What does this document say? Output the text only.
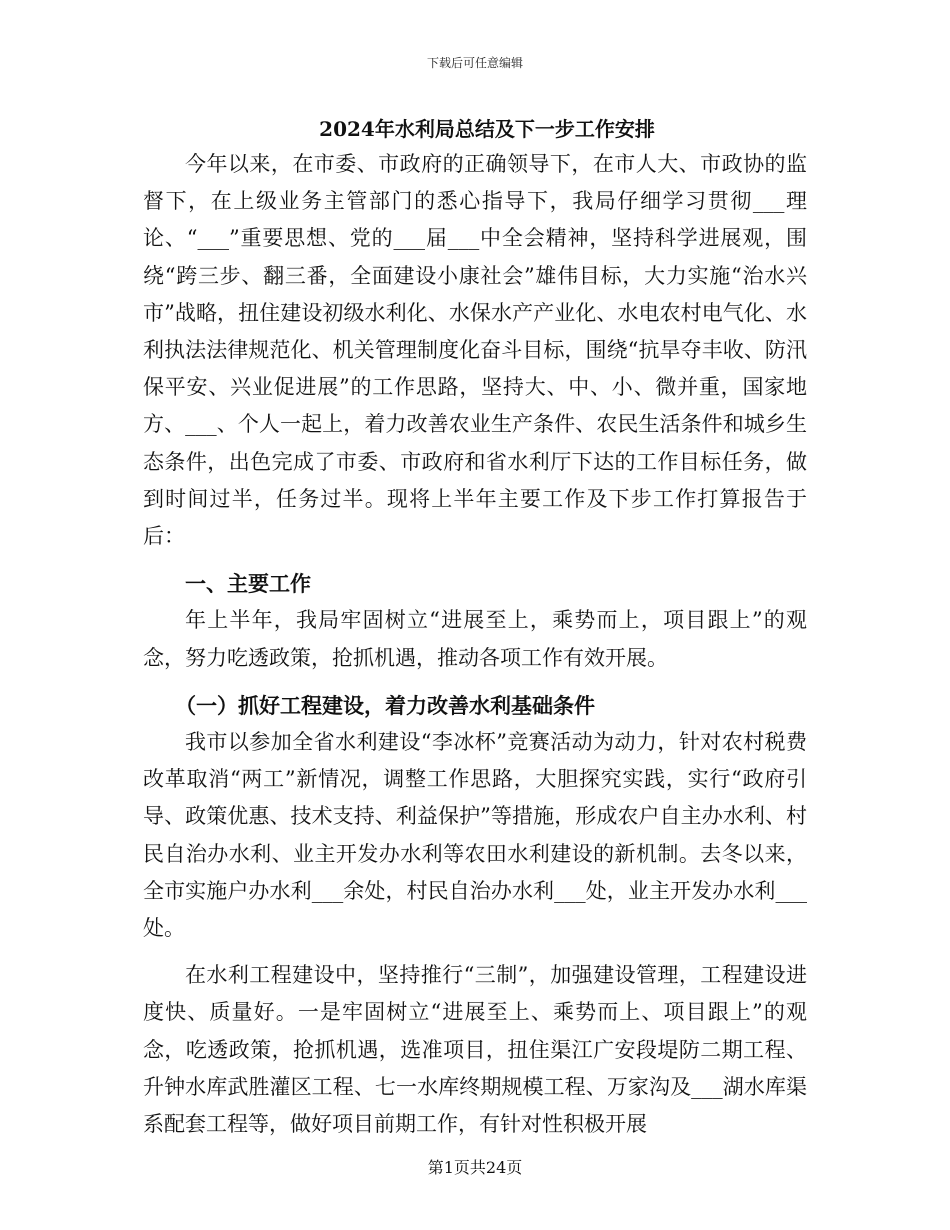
下载后可任意编辑
2024年水利局总结及下一步工作安排

今年以来，在市委、市政府的正确领导下，在市人大、市政协的监督下，在上级业务主管部门的悉心指导下，我局仔细学习贯彻___理论、“___”重要思想、党的___届___中全会精神，坚持科学进展观，围绕“跨三步、翻三番，全面建设小康社会”雄伟目标，大力实施“治水兴市”战略，扭住建设初级水利化、水保水产产业化、水电农村电气化、水利执法法律规范化、机关管理制度化奋斗目标，围绕“抗旱夺丰收、防汛保平安、兴业促进展”的工作思路，坚持大、中、小、微并重，国家地方、___、个人一起上，着力改善农业生产条件、农民生活条件和城乡生态条件，出色完成了市委、市政府和省水利厅下达的工作目标任务，做到时间过半，任务过半。现将上半年主要工作及下步工作打算报告于后：

一、主要工作

年上半年，我局牢固树立“进展至上，乘势而上，项目跟上”的观念，努力吃透政策，抢抓机遇，推动各项工作有效开展。

（一）抓好工程建设，着力改善水利基础条件

我市以参加全省水利建设“李冰杯”竞赛活动为动力，针对农村税费改革取消“两工”新情况，调整工作思路，大胆探究实践，实行“政府引导、政策优惠、技术支持、利益保护”等措施，形成农户自主办水利、村民自治办水利、业主开发办水利等农田水利建设的新机制。去冬以来，全市实施户办水利___余处，村民自治办水利___处，业主开发办水利___处。

在水利工程建设中，坚持推行“三制”，加强建设管理，工程建设进度快、质量好。一是牢固树立“进展至上、乘势而上、项目跟上”的观念，吃透政策，抢抓机遇，选准项目，扭住渠江广安段堤防二期工程、升钟水库武胜灌区工程、七一水库终期规模工程、万家沟及___湖水库渠系配套工程等，做好项目前期工作，有针对性积极开展

第1页共24页
